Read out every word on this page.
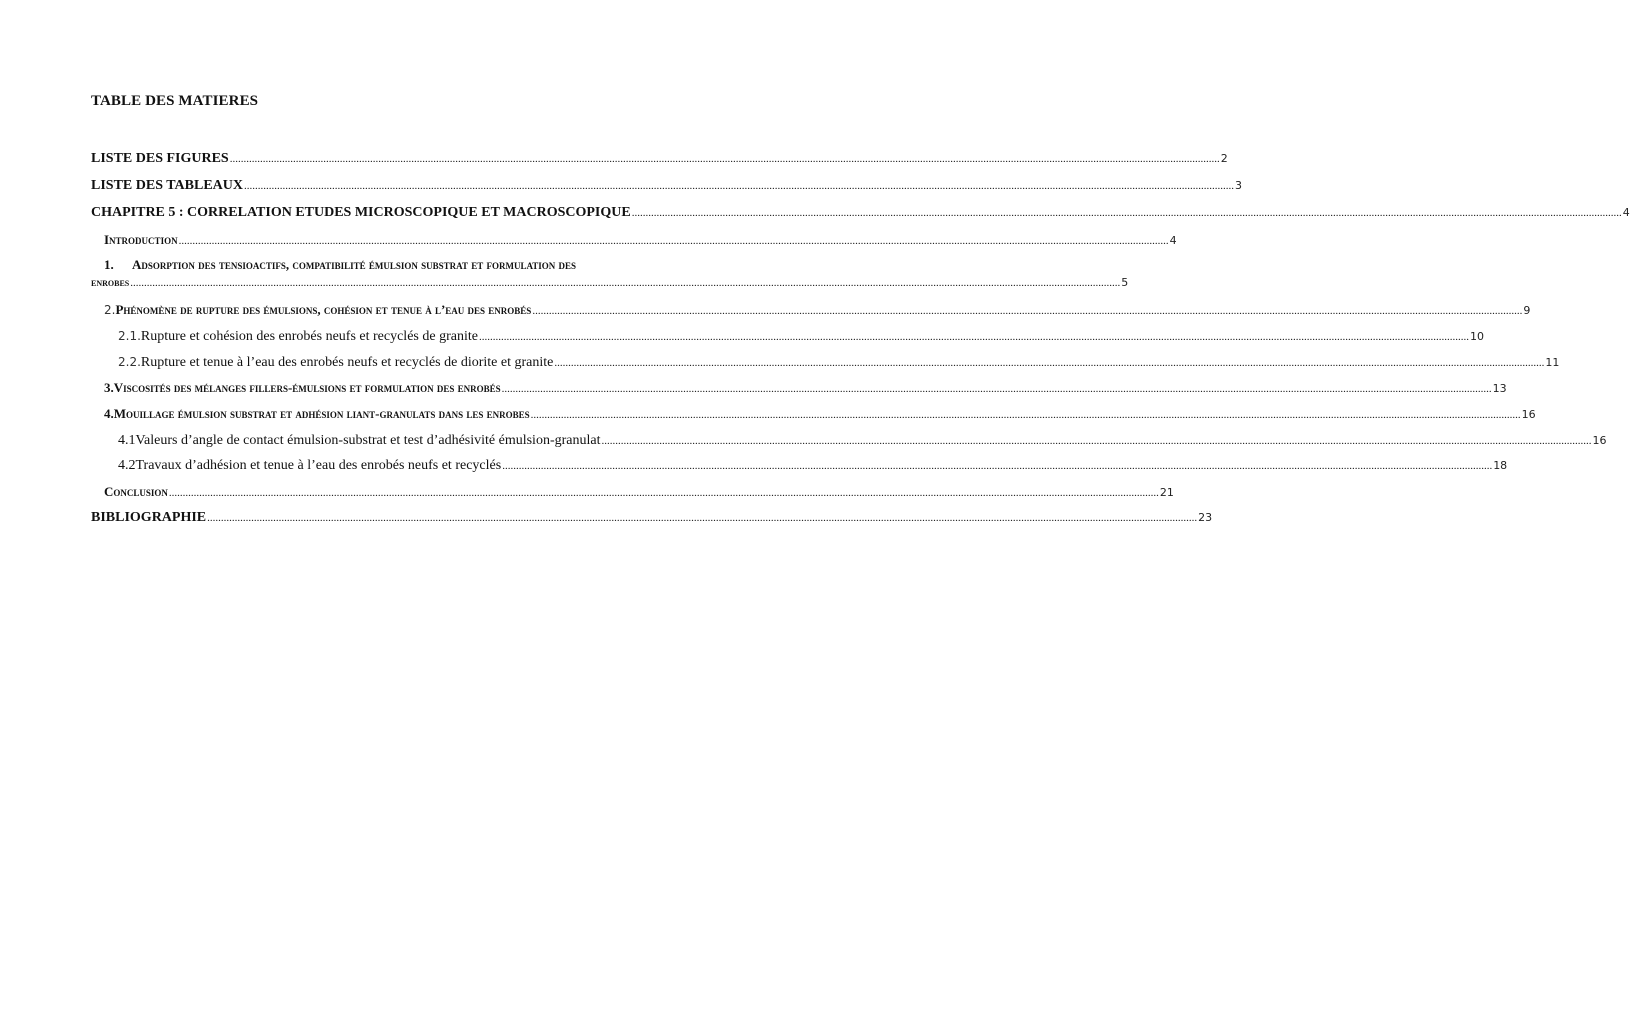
TABLE DES MATIERES
LISTE DES FIGURES ........................................................................................................................................................................................................................................................................................................................................................................ 2
LISTE DES TABLEAUX ........................................................................................................................................................................................................................................................................................................................................................................ 3
CHAPITRE 5 : CORRELATION ETUDES MICROSCOPIQUE ET MACROSCOPIQUE ........................................................................................................................................................................................................................................................................................................................................................................ 4
Introduction ........................................................................................................................................................................................................................................................................................................................................................................ 4
1. Adsorption des tensioactifs, compatibilité émulsion substrat et formulation des
enrobes ........................................................................................................................................................................................................................................................................................................................................................................ 5
2. Phénomène de rupture des émulsions, cohésion et tenue à l’eau des enrobés ........................................................................................................................................................................................................................................................................................................................................................................ 9
2.1. Rupture et cohésion des enrobés neufs et recyclés de granite ........................................................................................................................................................................................................................................................................................................................................................................ 10
2.2. Rupture et tenue à l’eau des enrobés neufs et recyclés de diorite et granite ........................................................................................................................................................................................................................................................................................................................................................................ 11
3. Viscosités des mélanges fillers-émulsions et formulation des enrobés ........................................................................................................................................................................................................................................................................................................................................................................ 13
4. Mouillage émulsion substrat et adhésion liant-granulats dans les enrobes ........................................................................................................................................................................................................................................................................................................................................................................ 16
4.1 Valeurs d’angle de contact émulsion-substrat et test d’adhésivité émulsion-granulat ........................................................................................................................................................................................................................................................................................................................................................................ 16
4.2 Travaux d’adhésion et tenue à l’eau des enrobés neufs et recyclés ........................................................................................................................................................................................................................................................................................................................................................................ 18
Conclusion ........................................................................................................................................................................................................................................................................................................................................................................ 21
BIBLIOGRAPHIE ........................................................................................................................................................................................................................................................................................................................................................................ 23
